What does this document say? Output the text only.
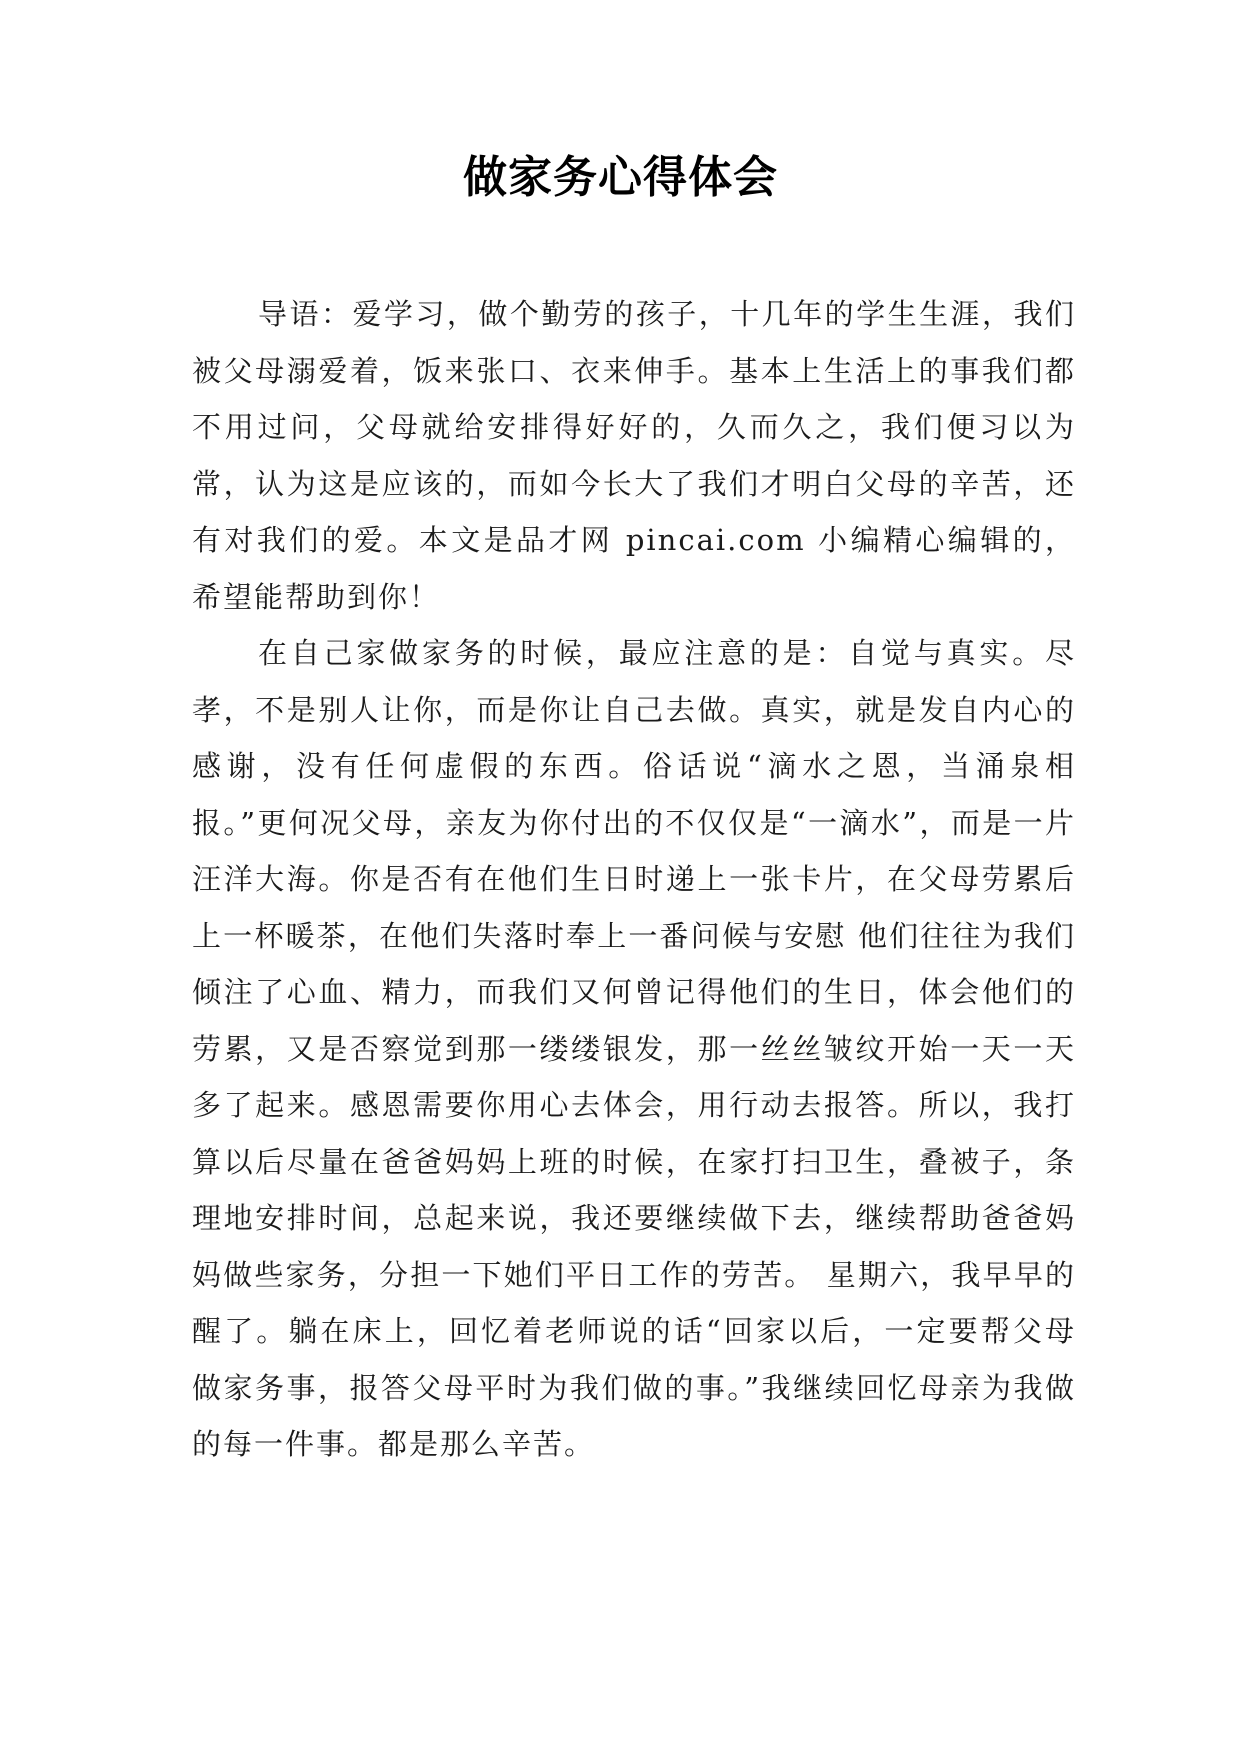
做家务心得体会

导语：爱学习，做个勤劳的孩子，十几年的学生生涯，我们被父母溺爱着，饭来张口、衣来伸手。基本上生活上的事我们都不用过问，父母就给安排得好好的，久而久之，我们便习以为常，认为这是应该的，而如今长大了我们才明白父母的辛苦，还有对我们的爱。本文是品才网 pincai.com 小编精心编辑的，希望能帮助到你！

在自己家做家务的时候，最应注意的是：自觉与真实。尽孝，不是别人让你，而是你让自己去做。真实，就是发自内心的感谢，没有任何虚假的东西。俗话说“滴水之恩，当涌泉相报。”更何况父母，亲友为你付出的不仅仅是“一滴水”，而是一片汪洋大海。你是否有在他们生日时递上一张卡片，在父母劳累后上一杯暖茶，在他们失落时奉上一番问候与安慰 他们往往为我们倾注了心血、精力，而我们又何曾记得他们的生日，体会他们的劳累，又是否察觉到那一缕缕银发，那一丝丝皱纹开始一天一天多了起来。感恩需要你用心去体会，用行动去报答。所以，我打算以后尽量在爸爸妈妈上班的时候，在家打扫卫生，叠被子，条理地安排时间，总起来说，我还要继续做下去，继续帮助爸爸妈妈做些家务，分担一下她们平日工作的劳苦。 星期六，我早早的醒了。躺在床上，回忆着老师说的话“回家以后，一定要帮父母做家务事，报答父母平时为我们做的事。”我继续回忆母亲为我做的每一件事。都是那么辛苦。
